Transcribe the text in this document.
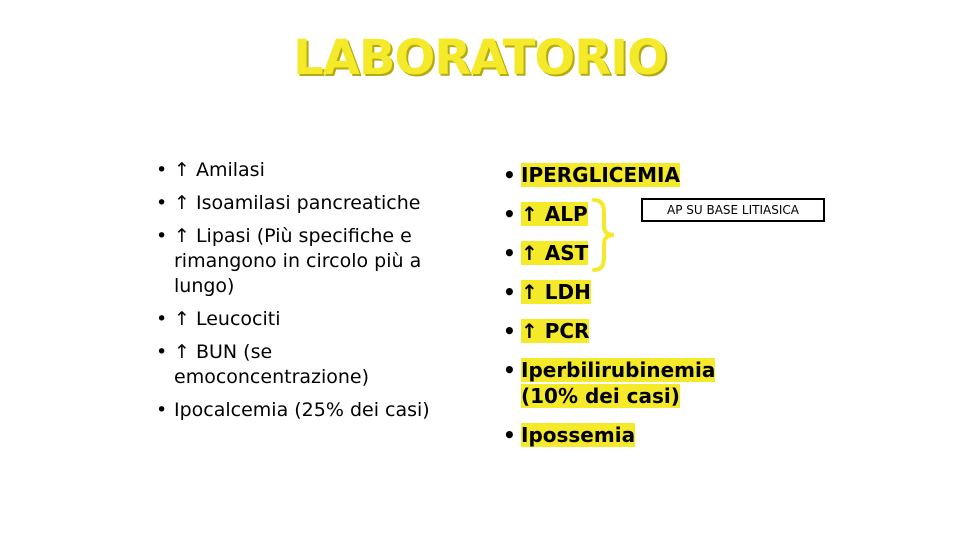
LABORATORIO
• ↑ Amilasi
• ↑ Isoamilasi pancreatiche
• ↑ Lipasi (Più specifiche e rimangono in circolo più a lungo)
• ↑ Leucociti
• ↑ BUN (se emoconcentrazione)
• Ipocalcemia (25% dei casi)
• IPERGLICEMIA
• ↑ ALP
• ↑ AST
• ↑ LDH
• ↑ PCR
• Iperbilirubinemia (10% dei casi)
• Ipossemia
AP SU BASE LITIASICA
